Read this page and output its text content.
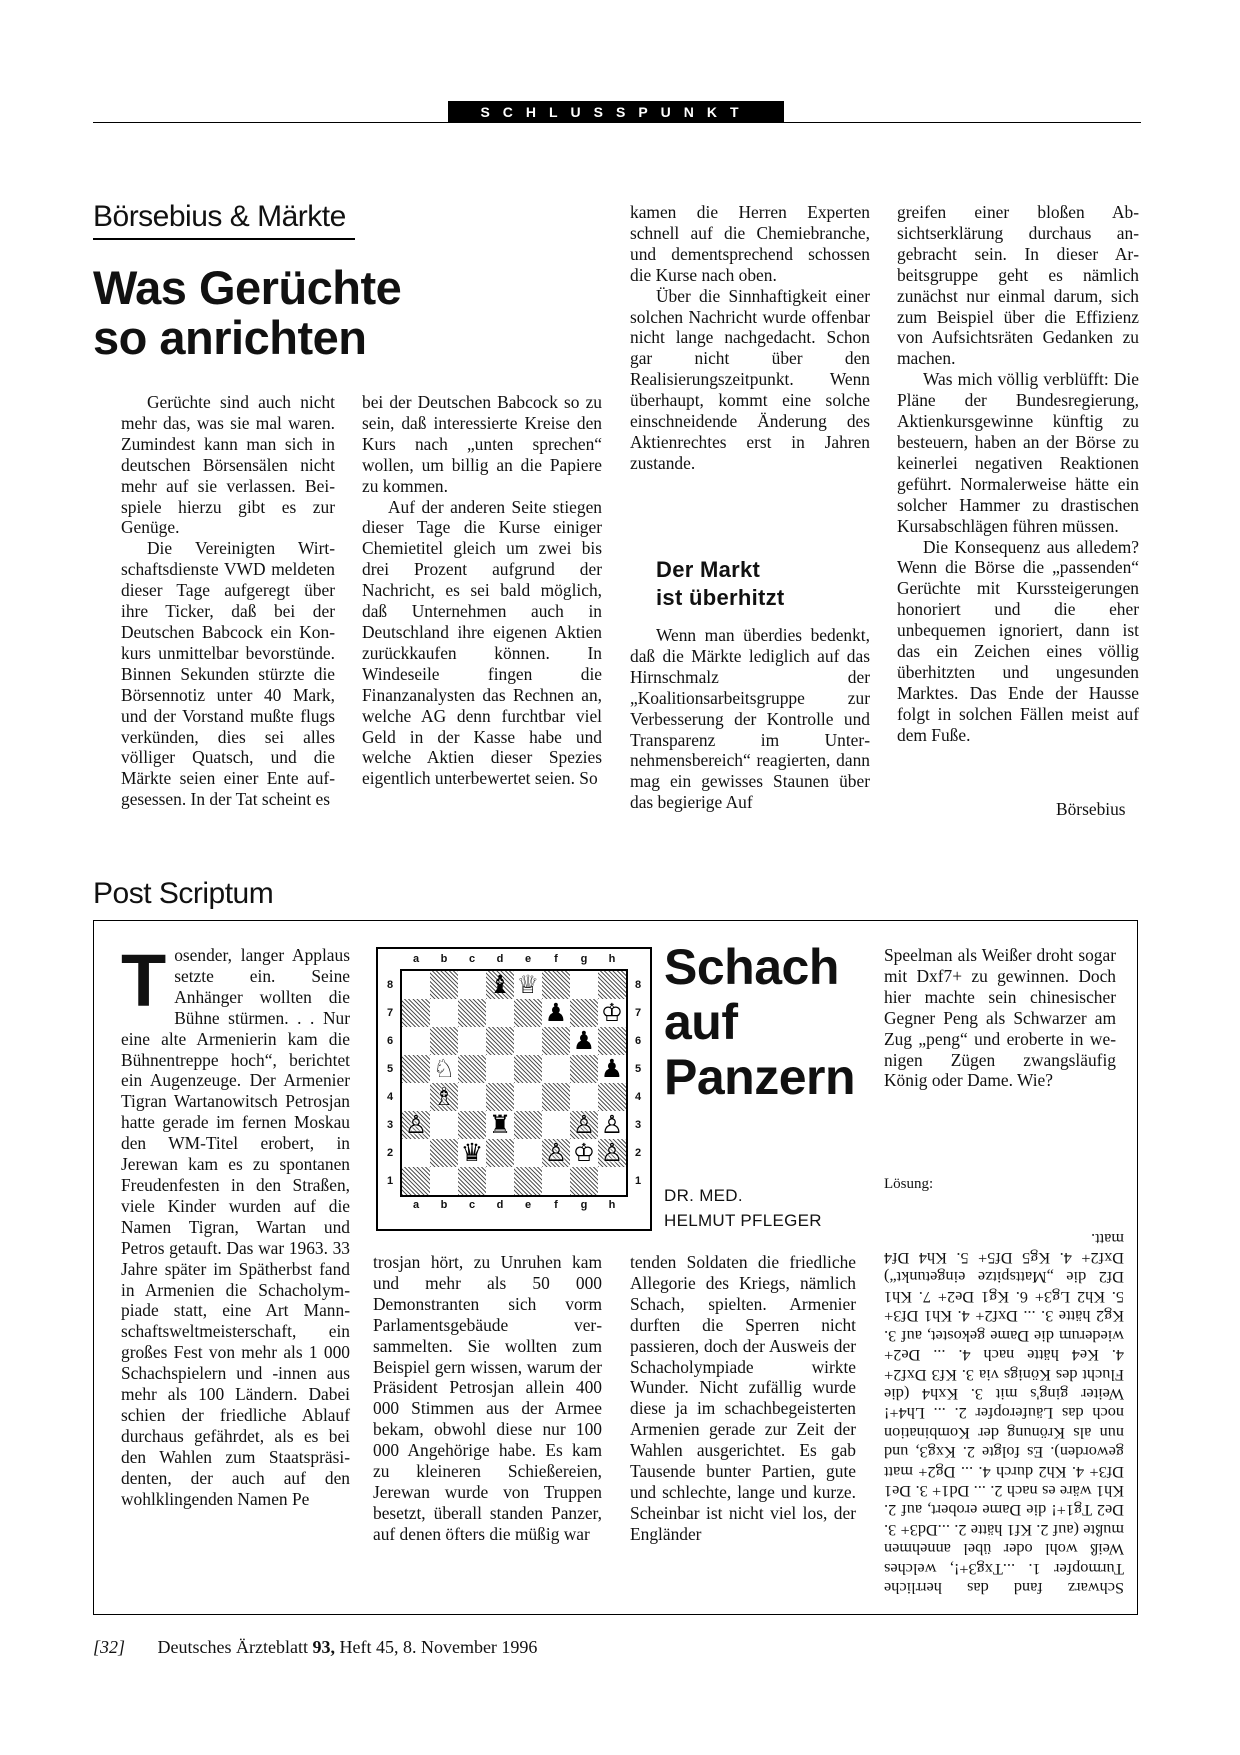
SCHLUSSPUNKT
Börsebius & Märkte
Was Gerüchte
so anrichten

Gerüchte sind auch nicht mehr das, was sie mal waren. Zumindest kann man sich in deutschen Börsensälen nicht mehr auf sie verlassen. Beispiele hierzu gibt es zur Genüge.

Die Vereinigten Wirtschaftsdienste VWD meldeten dieser Tage aufgeregt über ihre Ticker, daß bei der Deutschen Babcock ein Konkurs unmittelbar bevorstünde. Binnen Sekunden stürzte die Börsennotiz unter 40 Mark, und der Vorstand mußte flugs verkünden, dies sei alles völliger Quatsch, und die Märkte seien einer Ente aufgesessen. In der Tat scheint es

bei der Deutschen Babcock so zu sein, daß interessierte Kreise den Kurs nach „unten sprechen“ wollen, um billig an die Papiere zu kommen.

Auf der anderen Seite stiegen dieser Tage die Kurse einiger Chemietitel gleich um zwei bis drei Prozent aufgrund der Nachricht, es sei bald möglich, daß Unternehmen auch in Deutschland ihre eigenen Aktien zurückkaufen können. In Windeseile fingen die Finanzanalysten das Rechnen an, welche AG denn furchtbar viel Geld in der Kasse habe und welche Aktien dieser Spezies eigentlich unterbewertet seien. So

kamen die Herren Experten schnell auf die Chemiebranche, und dementsprechend schossen die Kurse nach oben.

Über die Sinnhaftigkeit einer solchen Nachricht wurde offenbar nicht lange nachgedacht. Schon gar nicht über den Realisierungszeitpunkt. Wenn überhaupt, kommt eine solche einschneidende Änderung des Aktienrechtes erst in Jahren zustande.

Der Markt
ist überhitzt

Wenn man überdies bedenkt, daß die Märkte lediglich auf das Hirnschmalz der „Koalitionsarbeitsgruppe zur Verbesserung der Kontrolle und Transparenz im Unternehmensbereich“ reagierten, dann mag ein gewisses Staunen über das begierige Auf

greifen einer bloßen Absichtserklärung durchaus angebracht sein. In dieser Arbeitsgruppe geht es nämlich zunächst nur einmal darum, sich zum Beispiel über die Effizienz von Aufsichtsräten Gedanken zu machen.

Was mich völlig verblüfft: Die Pläne der Bundesregierung, Aktienkursgewinne künftig zu besteuern, haben an der Börse zu keinerlei negativen Reaktionen geführt. Normalerweise hätte ein solcher Hammer zu drastischen Kursabschlägen führen müssen.

Die Konsequenz aus alledem? Wenn die Börse die „passenden“ Gerüchte mit Kurssteigerungen honoriert und die eher unbequemen ignoriert, dann ist das ein Zeichen eines völlig überhitzten und ungesunden Marktes. Das Ende der Hausse folgt in solchen Fällen meist auf dem Fuße.

Börsebius
Post Scriptum

Tosender, langer Applaus setzte ein. Seine Anhänger wollten die Bühne stürmen. . . Nur eine alte Armenierin kam die Bühnentreppe hoch“, berichtet ein Augenzeuge. Der Armenier Tigran Wartanowitsch Petrosjan hatte gerade im fernen Moskau den WM-Titel erobert, in Jerewan kam es zu spontanen Freudenfesten in den Straßen, viele Kinder wurden auf die Namen Tigran, Wartan und Petros getauft. Das war 1963. 33 Jahre später im Spätherbst fand in Armenien die Schacholympiade statt, eine Art Mannschaftsweltmeisterschaft, ein großes Fest von mehr als 1 000 Schachspielern und -innen aus mehr als 100 Ländern. Dabei schien der friedliche Ablauf durchaus gefährdet, als es bei den Wahlen zum Staatspräsidenten, der auch auf den wohlklingenden Namen Pe

♝ ♕
♟ ♔
♟
♘	♟
♗
♙ ♜ ♙ ♙
♛ ♙ ♔ ♙
a
a
b
b
c
c
d
d
e
e
f
f
g
g
h
h
8	8
7	7
6	6
5	5
4	4
3	3
2	2
1	1
Schach
auf
Panzern
DR. MED.
HELMUT PFLEGER

trosjan hört, zu Unruhen kam und mehr als 50 000 Demonstranten sich vorm Parlamentsgebäude versammelten. Sie wollten zum Beispiel gern wissen, warum der Präsident Petrosjan allein 400 000 Stimmen aus der Armee bekam, obwohl diese nur 100 000 Angehörige habe. Es kam zu kleineren Schießereien, Jerewan wurde von Truppen besetzt, überall standen Panzer, auf denen öfters die müßig war

tenden Soldaten die friedliche Allegorie des Kriegs, nämlich Schach, spielten. Armenier durften die Sperren nicht passieren, doch der Ausweis der Schacholympiade wirkte Wunder. Nicht zufällig wurde diese ja im schachbegeisterten Armenien gerade zur Zeit der Wahlen ausgerichtet. Es gab Tausende bunter Partien, gute und schlechte, lange und kurze. Scheinbar ist nicht viel los, der Engländer

Speelman als Weißer droht sogar mit Dxf7+ zu gewinnen. Doch hier machte sein chinesischer Gegner Peng als Schwarzer am Zug „peng“ und eroberte in wenigen Zügen zwangsläufig König oder Dame. Wie?

Lösung:

Schwarz fand das herrliche Turmopfer 1. ...Txg3+!, welches Weiß wohl oder übel annehmen mußte (auf 2. Kf1 hätte 2. ...Dd3+ 3. De2 Tg1+! die Dame erobert, auf 2. Kh1 wäre es nach 2. ... Dd1+ 3. De1 Df3+ 4. Kh2 durch 4. ... Dg2+ matt geworden). Es folgte 2. Kxg3, und nun als Krönung der Kombination noch das Läuferopfer 2. ... Lh4+! Weiter ging's mit 3. Kxh4 (die Flucht des Königs via 3. Kf3 Dxf2+ 4. Ke4 hätte nach 4. ... De2+ wiederum die Dame gekostet, auf 3. Kg2 hätte 3. ... Dxf2+ 4. Kh1 Df3+ 5. Kh2 Lg3+ 6. Kg1 De2+ 7. Kh1 Df2 die „Mattspitze eingetunkt“) Dxf2+ 4. Kg5 Df5+ 5. Kh4 Df4 matt.

[32] Deutsches Ärzteblatt 93, Heft 45, 8. November 1996
